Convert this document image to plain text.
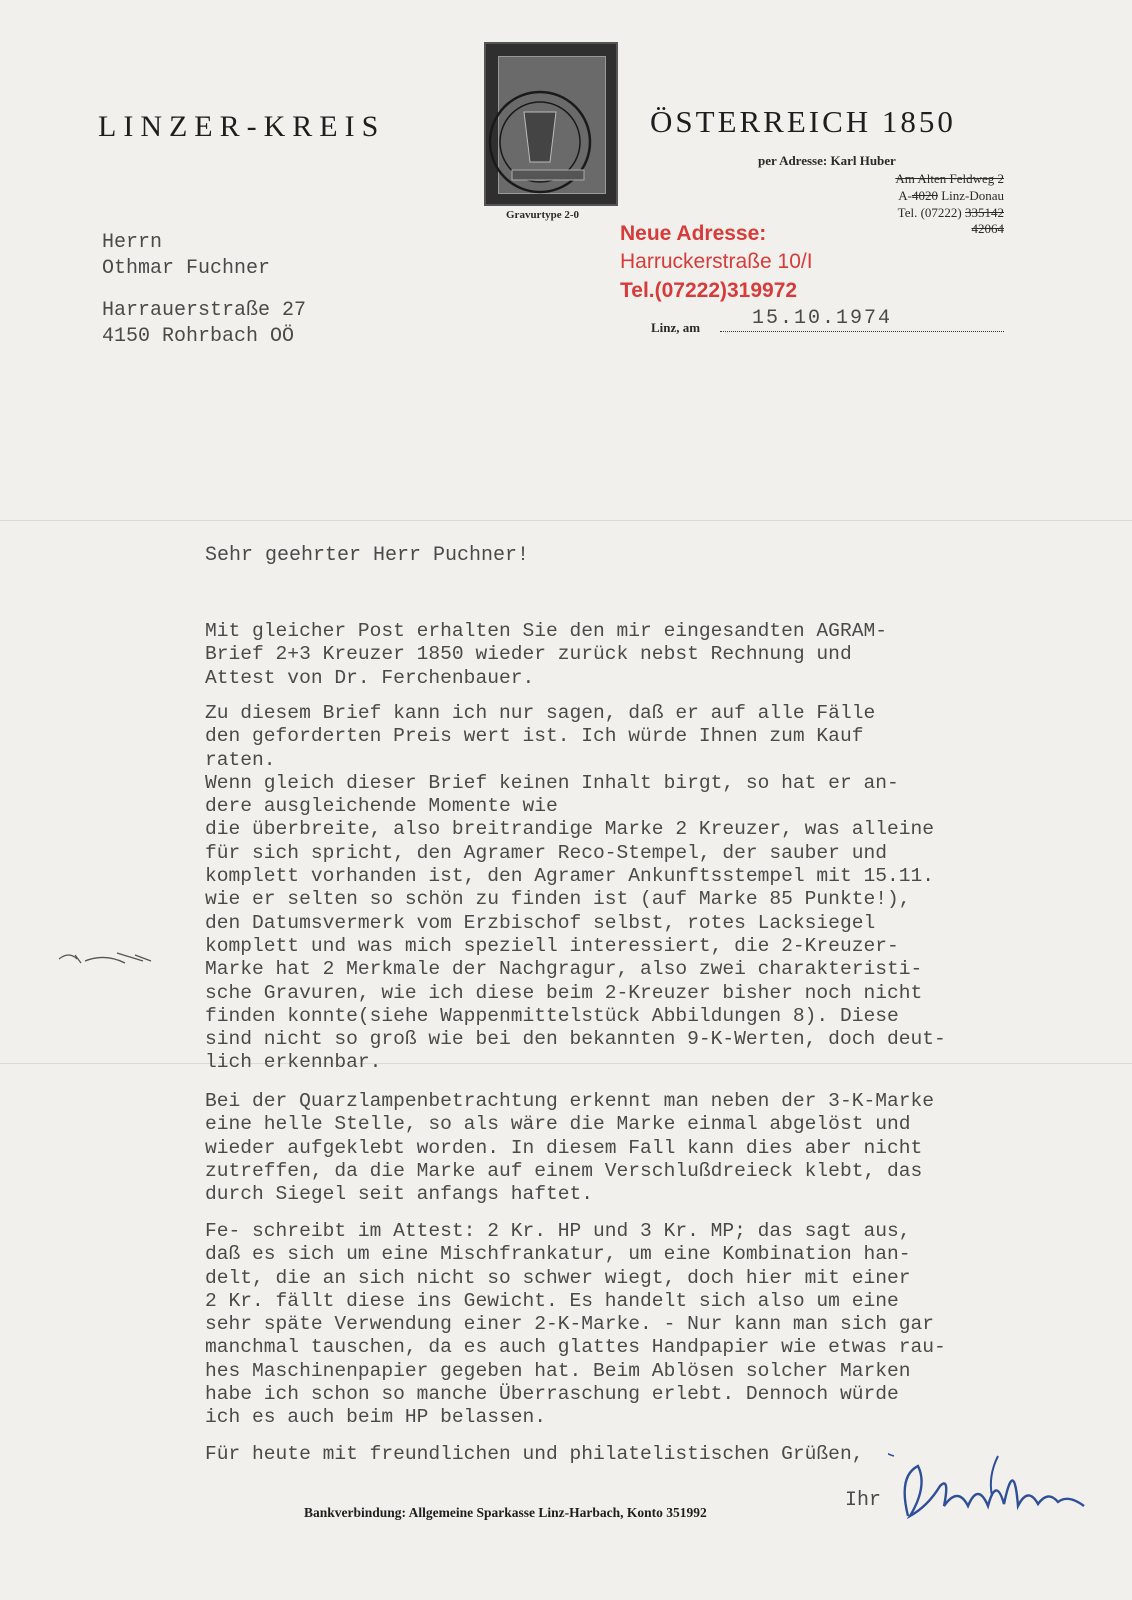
LINZER-KREIS
Gravurtype 2-0
ÖSTERREICH 1850
per Adresse: Karl Huber
Am Alten Feldweg 2
A-4020 Linz-Donau
Tel. (07222) 335142
42064
Neue Adresse:
Harruckerstraße 10/I
Tel.(07222)319972
Herrn
Othmar Fuchner
Harrauerstraße 27
4150 Rohrbach OÖ	Linz, am	15.10.1974
Sehr geehrter Herr Puchner!
Mit gleicher Post erhalten Sie den mir eingesandten AGRAM-
Brief 2+3 Kreuzer 1850 wieder zurück nebst Rechnung und
Attest von Dr. Ferchenbauer.
Zu diesem Brief kann ich nur sagen, daß er auf alle Fälle
den geforderten Preis wert ist. Ich würde Ihnen zum Kauf
raten.
Wenn gleich dieser Brief keinen Inhalt birgt, so hat er an-
dere ausgleichende Momente wie
die überbreite, also breitrandige Marke 2 Kreuzer, was alleine
für sich spricht, den Agramer Reco-Stempel, der sauber und
komplett vorhanden ist, den Agramer Ankunftsstempel mit 15.11.
wie er selten so schön zu finden ist (auf Marke 85 Punkte!),
den Datumsvermerk vom Erzbischof selbst, rotes Lacksiegel
komplett und was mich speziell interessiert, die 2-Kreuzer-
Marke hat 2 Merkmale der Nachgragur, also zwei charakteristi-
sche Gravuren, wie ich diese beim 2-Kreuzer bisher noch nicht
finden konnte(siehe Wappenmittelstück Abbildungen 8). Diese
sind nicht so groß wie bei den bekannten 9-K-Werten, doch deut-
lich erkennbar.
Bei der Quarzlampenbetrachtung erkennt man neben der 3-K-Marke
eine helle Stelle, so als wäre die Marke einmal abgelöst und
wieder aufgeklebt worden. In diesem Fall kann dies aber nicht
zutreffen, da die Marke auf einem Verschlußdreieck klebt, das
durch Siegel seit anfangs haftet.
Fe- schreibt im Attest: 2 Kr. HP und 3 Kr. MP; das sagt aus,
daß es sich um eine Mischfrankatur, um eine Kombination han-
delt, die an sich nicht so schwer wiegt, doch hier mit einer
2 Kr. fällt diese ins Gewicht. Es handelt sich also um eine
sehr späte Verwendung einer 2-K-Marke. - Nur kann man sich gar
manchmal tauschen, da es auch glattes Handpapier wie etwas rau-
hes Maschinenpapier gegeben hat. Beim Ablösen solcher Marken
habe ich schon so manche Überraschung erlebt. Dennoch würde
ich es auch beim HP belassen.
Für heute mit freundlichen und philatelistischen Grüßen,
Ihr
Bankverbindung: Allgemeine Sparkasse Linz-Harbach, Konto 351992
